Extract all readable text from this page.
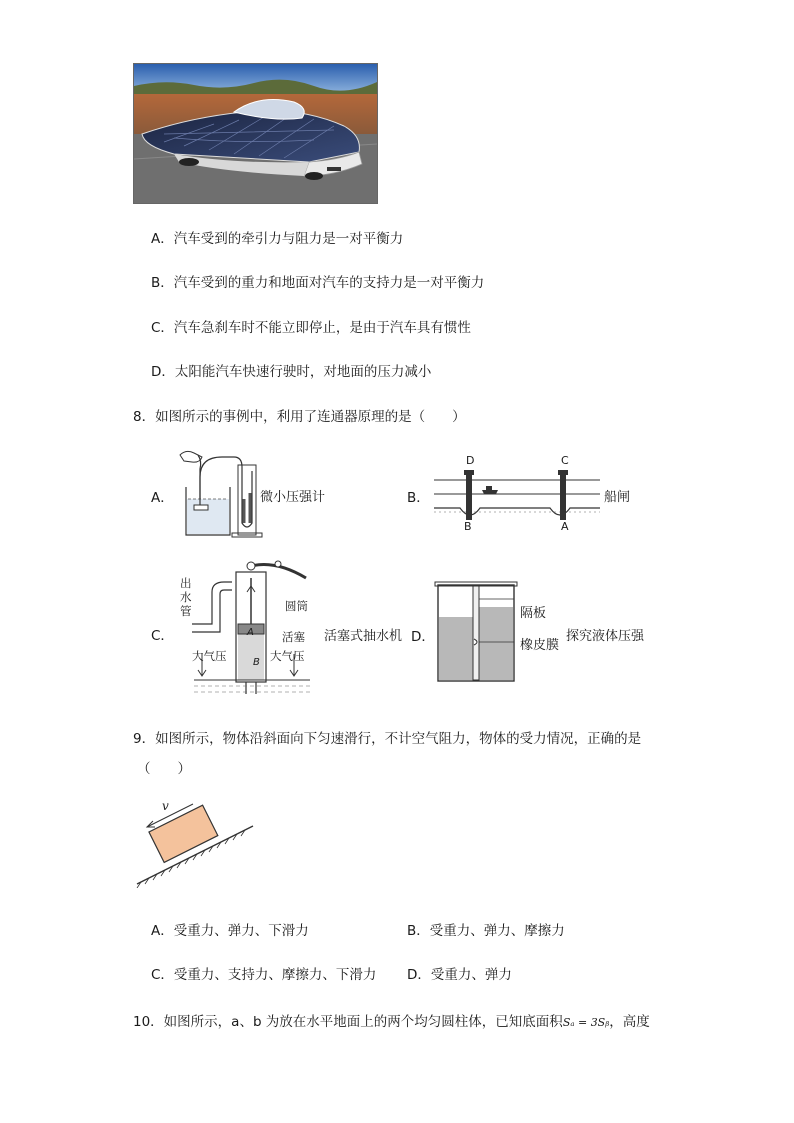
A．汽车受到的牵引力与阻力是一对平衡力
B．汽车受到的重力和地面对汽车的支持力是一对平衡力
C．汽车急刹车时不能立即停止，是由于汽车具有惯性
D．太阳能汽车快速行驶时，对地面的压力减小
8．如图所示的事例中，利用了连通器原理的是（　　）
A．	微小压强计	B．
D	C
B	A
船闸
C．
出水管	圆筒
活塞
大气压	大气压
A
B
活塞式抽水机 D．
隔板
橡皮膜
探究液体压强
9．如图所示，物体沿斜面向下匀速滑行，不计空气阻力，物体的受力情况，正确的是
（　　）
v
A．受重力、弹力、下滑力	B．受重力、弹力、摩擦力
C．受重力、支持力、摩擦力、下滑力 D．受重力、弹力
10．如图所示，a、b 为放在水平地面上的两个均匀圆柱体，已知底面积Sₐ = 3Sᵦ，高度
